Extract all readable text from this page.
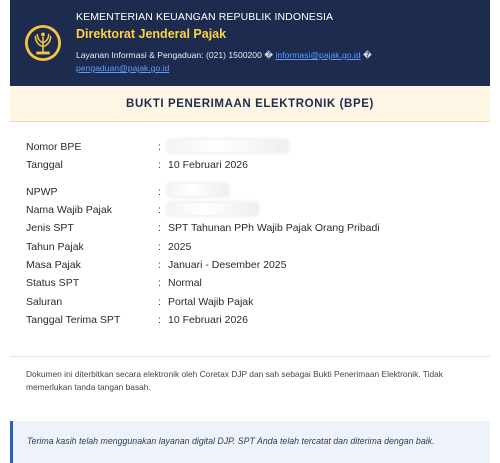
KEMENTERIAN KEUANGAN REPUBLIK INDONESIA
Direktorat Jenderal Pajak
Layanan Informasi & Pengaduan: (021) 1500200 � informasi@pajak.go.id �
pengaduan@pajak.go.id
BUKTI PENERIMAAN ELEKTRONIK (BPE)
Nomor BPE	:
Tanggal	: 10 Februari 2026
NPWP	:
Nama Wajib Pajak	:
Jenis SPT	: SPT Tahunan PPh Wajib Pajak Orang Pribadi
Tahun Pajak	: 2025
Masa Pajak	: Januari - Desember 2025
Status SPT	: Normal
Saluran	: Portal Wajib Pajak
Tanggal Terima SPT	: 10 Februari 2026
Dokumen ini diterbitkan secara elektronik oleh Coretax DJP dan sah sebagai Bukti Penerimaan Elektronik. Tidak memerlukan tanda tangan basah.
Terima kasih telah menggunakan layanan digital DJP. SPT Anda telah tercatat dan diterima dengan baik.
